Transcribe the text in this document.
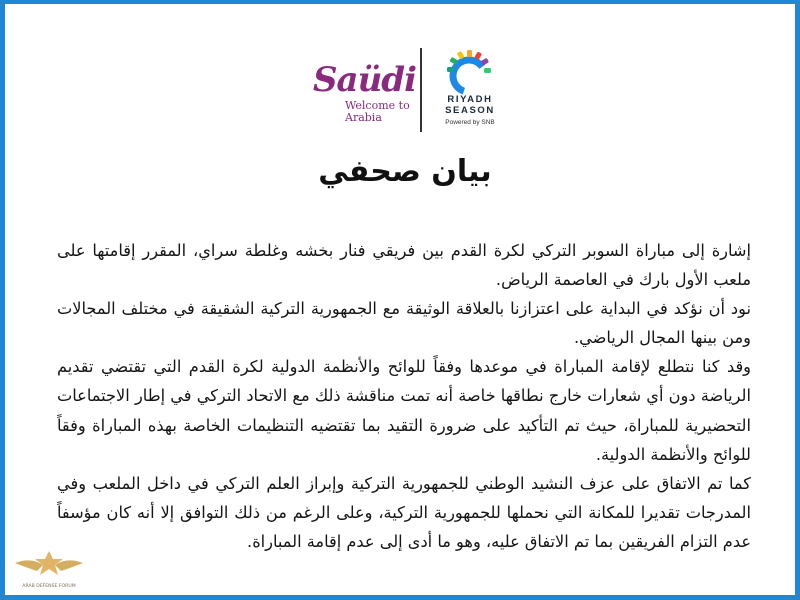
Saüdi
Welcome to Arabia
RIYADH SEASON
Powered by SNB
بيان صحفي

إشارة إلى مباراة السوبر التركي لكرة القدم بين فريقي فنار بخشه وغلطة سراي، المقرر إقامتها على ملعب الأول بارك في العاصمة الرياض.

نود أن نؤكد في البداية على اعتزازنا بالعلاقة الوثيقة مع الجمهورية التركية الشقيقة في مختلف المجالات ومن بينها المجال الرياضي.

وقد كنا نتطلع لإقامة المباراة في موعدها وفقاً للوائح والأنظمة الدولية لكرة القدم التي تقتضي تقديم الرياضة دون أي شعارات خارج نطاقها خاصة أنه تمت مناقشة ذلك مع الاتحاد التركي في إطار الاجتماعات التحضيرية للمباراة، حيث تم التأكيد على ضرورة التقيد بما تقتضيه التنظيمات الخاصة بهذه المباراة وفقاً للوائح والأنظمة الدولية.

كما تم الاتفاق على عزف النشيد الوطني للجمهورية التركية وإبراز العلم التركي في داخل الملعب وفي المدرجات تقديرا للمكانة التي نحملها للجمهورية التركية، وعلى الرغم من ذلك التوافق إلا أنه كان مؤسفاً عدم التزام الفريقين بما تم الاتفاق عليه، وهو ما أدى إلى عدم إقامة المباراة.

ARAB DEFENSE FORUM
